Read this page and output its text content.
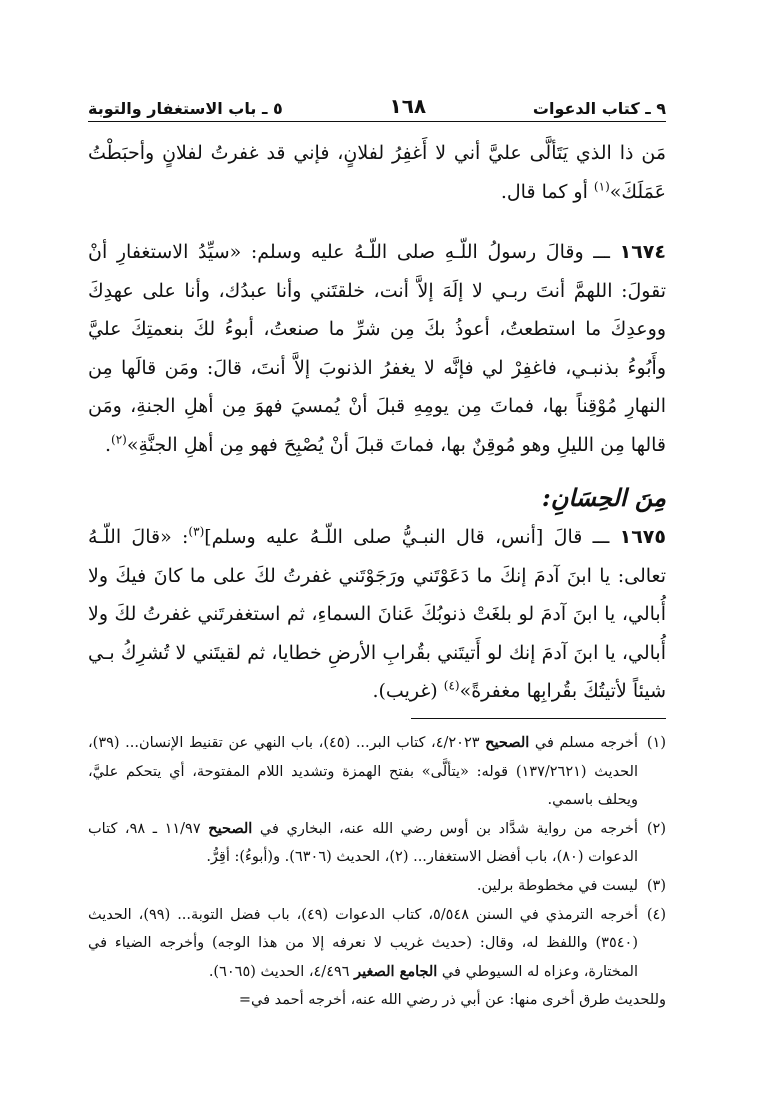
٩ ـ كتاب الدعوات
١٦٨
٥ ـ باب الاستغفار والتوبة

مَن ذا الذي يَتَألَّى عليَّ أني لا أَغفِرُ لفلانٍ، فإني قد غفرتُ لفلانٍ وأحبَطْتُ عَمَلَكَ»$^{(١)}$ أو كما قال.

١٦٧٤ ـــ وقالَ رسولُ اللّـهِ صلى اللّـهُ عليه وسلم: «سيِّدُ الاستغفارِ أنْ تقولَ: اللهمَّ أنتَ ربـي لا إلَهَ إلاَّ أنت، خلقتَني وأنا عبدُك، وأنا على عهدِكَ ووعدِكَ ما استطعتُ، أعوذُ بكَ مِن شرِّ ما صنعتُ، أبوءُ لكَ بنعمتِكَ عليَّ وأَبُوءُ بذنبـي، فاغفِرْ لي فإنَّه لا يغفرُ الذنوبَ إلاَّ أنتَ، قالَ: ومَن قالَها مِن النهارِ مُوْقِناً بها، فماتَ مِن يومِهِ قبلَ أنْ يُمسيَ فهوَ مِن أهلِ الجنةِ، ومَن قالها مِن الليلِ وهو مُوقِنٌ بها، فماتَ قبلَ أنْ يُصْبِحَ فهو مِن أهلِ الجنَّةِ»$^{(٢)}$.

مِنَ الحِسَانِ:

١٦٧٥ ـــ قالَ [أنس، قال النبـيُّ صلى اللّـهُ عليه وسلم]$^{(٣)}$: «قالَ اللّـهُ تعالى: يا ابنَ آدمَ إنكَ ما دَعَوْتَني ورَجَوْتَني غفرتُ لكَ على ما كانَ فيكَ ولا أُبالي، يا ابنَ آدمَ لو بلغَتْ ذنوبُكَ عَنانَ السماءِ، ثم استغفرتَني غفرتُ لكَ ولا أُبالي، يا ابنَ آدمَ إنك لو أَتيتَني بقُرابِ الأرضِ خطايا، ثم لقيتَني لا تُشرِكُ بـي شيئاً لأتيتُكَ بقُرابِها مغفرةً»$^{(٤)}$ (غريب).

(١)
أخرجه مسلم في الصحيح ٤/٢٠٢٣، كتاب البر... (٤٥)، باب النهي عن تقنيط الإنسان... (٣٩)، الحديث (١٣٧/٢٦٢١) قوله: «يتألَّى» بفتح الهمزة وتشديد اللام المفتوحة، أي يتحكم عليَّ، ويحلف باسمي.
(٢)
أخرجه من رواية شدَّاد بن أوس رضي الله عنه، البخاري في الصحيح ١١/٩٧ ـ ٩٨، كتاب الدعوات (٨٠)، باب أفضل الاستغفار... (٢)، الحديث (٦٣٠٦). و(أبوءُ): أقِرُّ.
(٣)
ليست في مخطوطة برلين.
(٤)
أخرجه الترمذي في السنن ٥/٥٤٨، كتاب الدعوات (٤٩)، باب فضل التوبة... (٩٩)، الحديث (٣٥٤٠) واللفظ له، وقال: (حديث غريب لا نعرفه إلا من هذا الوجه) وأخرجه الضياء في المختارة، وعزاه له السيوطي في الجامع الصغير ٤/٤٩٦، الحديث (٦٠٦٥).
وللحديث طرق أخرى منها: عن أبي ذر رضي الله عنه، أخرجه أحمد في=
